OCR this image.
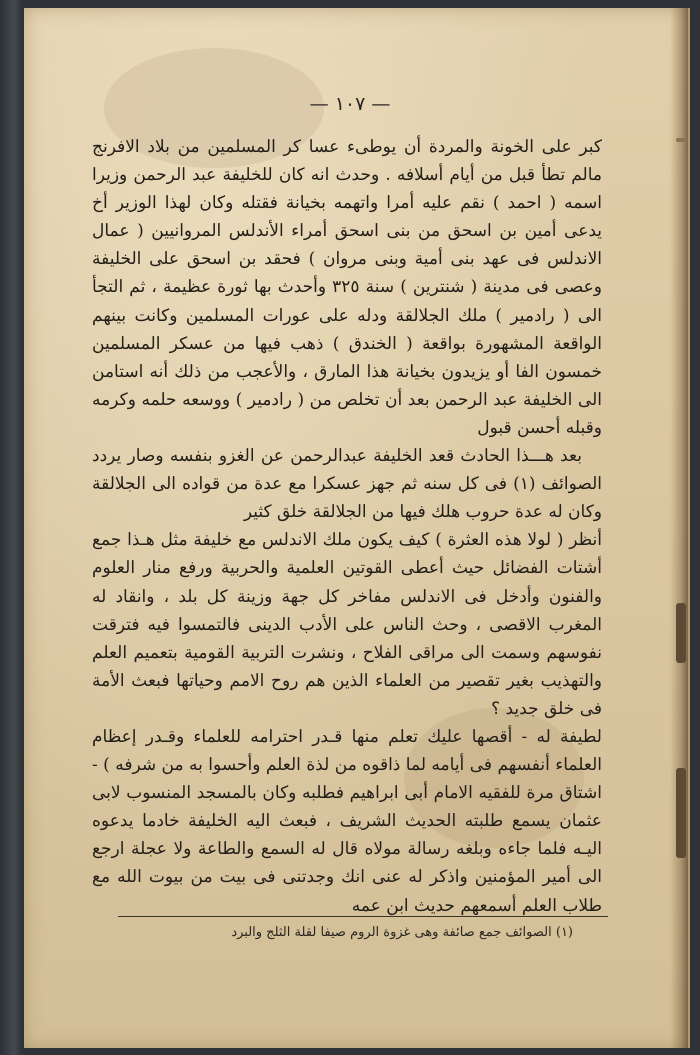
— ١٠٧ —

كبر على الخونة والمردة أن يوطىء عسا كر المسلمين من بلاد الافرنج مالم تطأ قبل من أيام أسلافه . وحدث انه كان للخليفة عبد الرحمن وزيرا اسمه ( احمد ) نقم عليه أمرا واتهمه بخيانة فقتله وكان لهذا الوزير أخ يدعى أمين بن اسحق من بنى اسحق أمراء الأندلس المروانيين ( عمال الاندلس فى عهد بنى أمية وبنى مروان ) فحقد بن اسحق على الخليفة وعصى فى مدينة ( شنترين ) سنة ٣٢٥ وأحدث بها ثورة عظيمة ، ثم التجأ الى ( رادمير ) ملك الجلالقة ودله على عورات المسلمين وكانت بينهم الواقعة المشهورة بواقعة ( الخندق ) ذهب فيها من عسكر المسلمين خمسون الفا أو يزيدون بخيانة هذا المارق ، والأعجب من ذلك أنه استامن الى الخليفة عبد الرحمن بعد أن تخلص من ( رادمير ) ووسعه حلمه وكرمه وقبله أحسن قبول

بعد هـــذا الحادث قعد الخليفة عبدالرحمن عن الغزو بنفسه وصار يردد الصوائف (١) فى كل سنه ثم جهز عسكرا مع عدة من قواده الى الجلالقة وكان له عدة حروب هلك فيها من الجلالقة خلق كثير

أنظر ( لولا هذه العثرة ) كيف يكون ملك الاندلس مع خليفة مثل هـذا جمع أشتات الفضائل حيث أعطى القوتين العلمية والحربية ورفع منار العلوم والفنون وأدخل فى الاندلس مفاخر كل جهة وزينة كل بلد ، وانقاد له المغرب الاقصى ، وحث الناس على الأدب الدينى فالتمسوا فيه فترقت نفوسهم وسمت الى مراقى الفلاح ، ونشرت التربية القومية بتعميم العلم والتهذيب بغير تقصير من العلماء الذين هم روح الامم وحياتها فبعث الأمة فى خلق جديد ؟

لطيفة له - أقصها عليك تعلم منها قـدر احترامه للعلماء وقـدر إعظام العلماء أنفسهم فى أيامه لما ذاقوه من لذة العلم وأحسوا به من شرفه ) - اشتاق مرة للفقيه الامام أبى ابراهيم فطلبه وكان بالمسجد المنسوب لابى عثمان يسمع طلبته الحديث الشريف ، فبعث اليه الخليفة خادما يدعوه اليـه فلما جاءه وبلغه رسالة مولاه قال له السمع والطاعة ولا عجلة ارجع الى أمير المؤمنين واذكر له عنى انك وجدتنى فى بيت من بيوت الله مع طلاب العلم أسمعهم حديث ابن عمه

(١) الصوائف جمع صائفة وهى غزوة الروم صيفا لقلة الثلج والبرد
